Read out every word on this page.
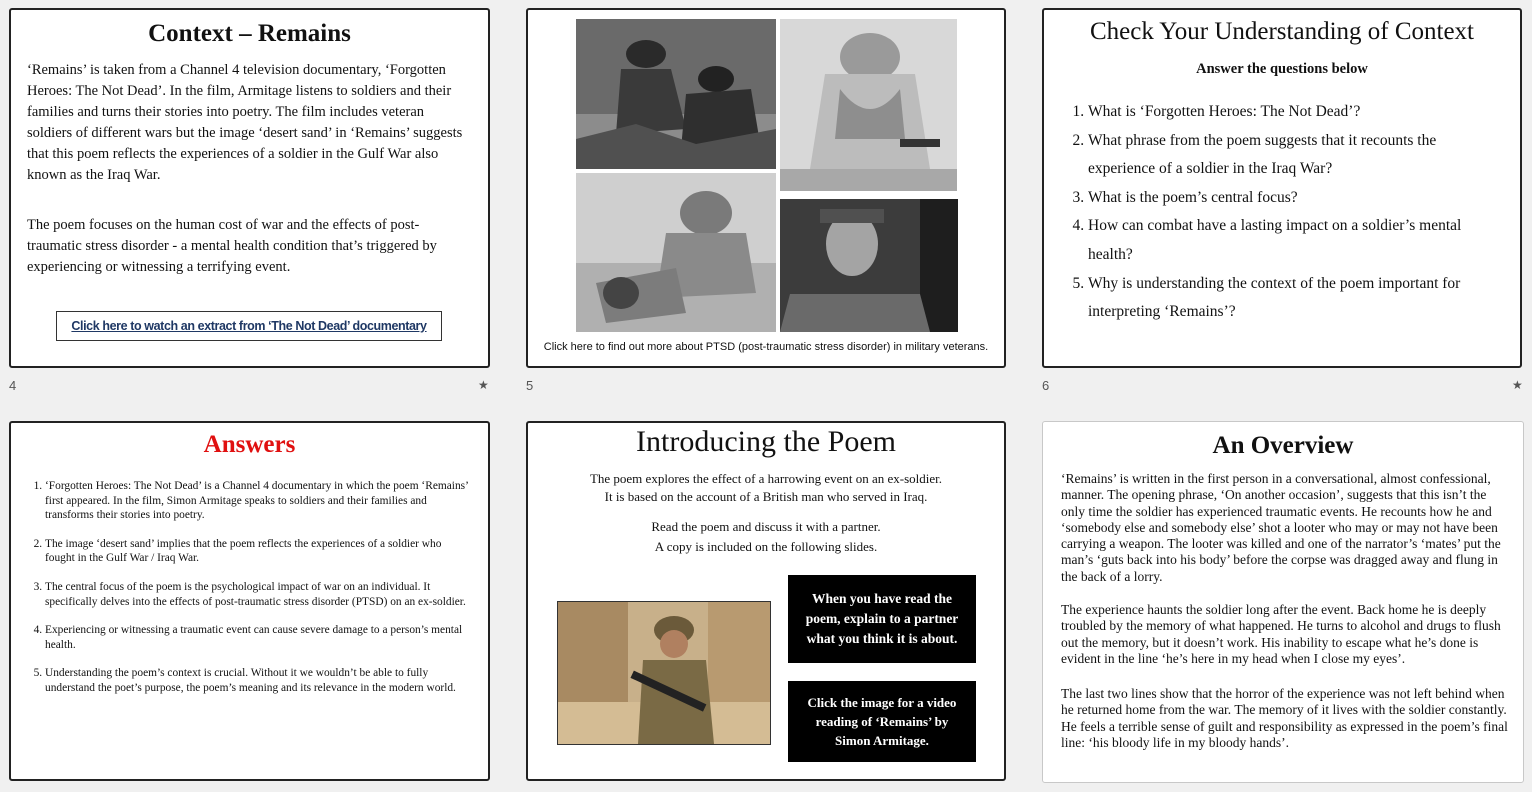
Context – Remains
‘Remains’ is taken from a Channel 4 television documentary, ‘Forgotten Heroes: The Not Dead’. In the film, Armitage listens to soldiers and their families and turns their stories into poetry. The film includes veteran soldiers of different wars but the image ‘desert sand’ in ‘Remains’ suggests that this poem reflects the experiences of a soldier in the Gulf War also known as the Iraq War.
The poem focuses on the human cost of war and the effects of post-traumatic stress disorder - a mental health condition that’s triggered by experiencing or witnessing a terrifying event.
Click here to watch an extract from ‘The Not Dead’ documentary
4	★
Click here to find out more about PTSD (post-traumatic stress disorder) in military veterans.
5
Check Your Understanding of Context
Answer the questions below
1. What is ‘Forgotten Heroes: The Not Dead’?
2. What phrase from the poem suggests that it recounts the experience of a soldier in the Iraq War?
3. What is the poem’s central focus?
4. How can combat have a lasting impact on a soldier’s mental health?
5. Why is understanding the context of the poem important for interpreting ‘Remains’?
6	★
Answers
1. ‘Forgotten Heroes: The Not Dead’ is a Channel 4 documentary in which the poem ‘Remains’ first appeared. In the film, Simon Armitage speaks to soldiers and their families and transforms their stories into poetry.
2. The image ‘desert sand’ implies that the poem reflects the experiences of a soldier who fought in the Gulf War / Iraq War.
3. The central focus of the poem is the psychological impact of war on an individual. It specifically delves into the effects of post-traumatic stress disorder (PTSD) on an ex-soldier.
4. Experiencing or witnessing a traumatic event can cause severe damage to a person’s mental health.
5. Understanding the poem’s context is crucial. Without it we wouldn’t be able to fully understand the poet’s purpose, the poem’s meaning and its relevance in the modern world.
Introducing the Poem
The poem explores the effect of a harrowing event on an ex-soldier.
It is based on the account of a British man who served in Iraq.
Read the poem and discuss it with a partner.
A copy is included on the following slides.
When you have read the poem, explain to a partner what you think it is about.
Click the image for a video reading of ‘Remains’ by Simon Armitage.
An Overview
‘Remains’ is written in the first person in a conversational, almost confessional, manner. The opening phrase, ‘On another occasion’, suggests that this isn’t the only time the soldier has experienced traumatic events. He recounts how he and ‘somebody else and somebody else’ shot a looter who may or may not have been carrying a weapon. The looter was killed and one of the narrator’s ‘mates’ put the man’s ‘guts back into his body’ before the corpse was dragged away and flung in the back of a lorry.
The experience haunts the soldier long after the event. Back home he is deeply troubled by the memory of what happened. He turns to alcohol and drugs to flush out the memory, but it doesn’t work. His inability to escape what he’s done is evident in the line ‘he’s here in my head when I close my eyes’.
The last two lines show that the horror of the experience was not left behind when he returned home from the war. The memory of it lives with the soldier constantly. He feels a terrible sense of guilt and responsibility as expressed in the poem’s final line: ‘his bloody life in my bloody hands’.
